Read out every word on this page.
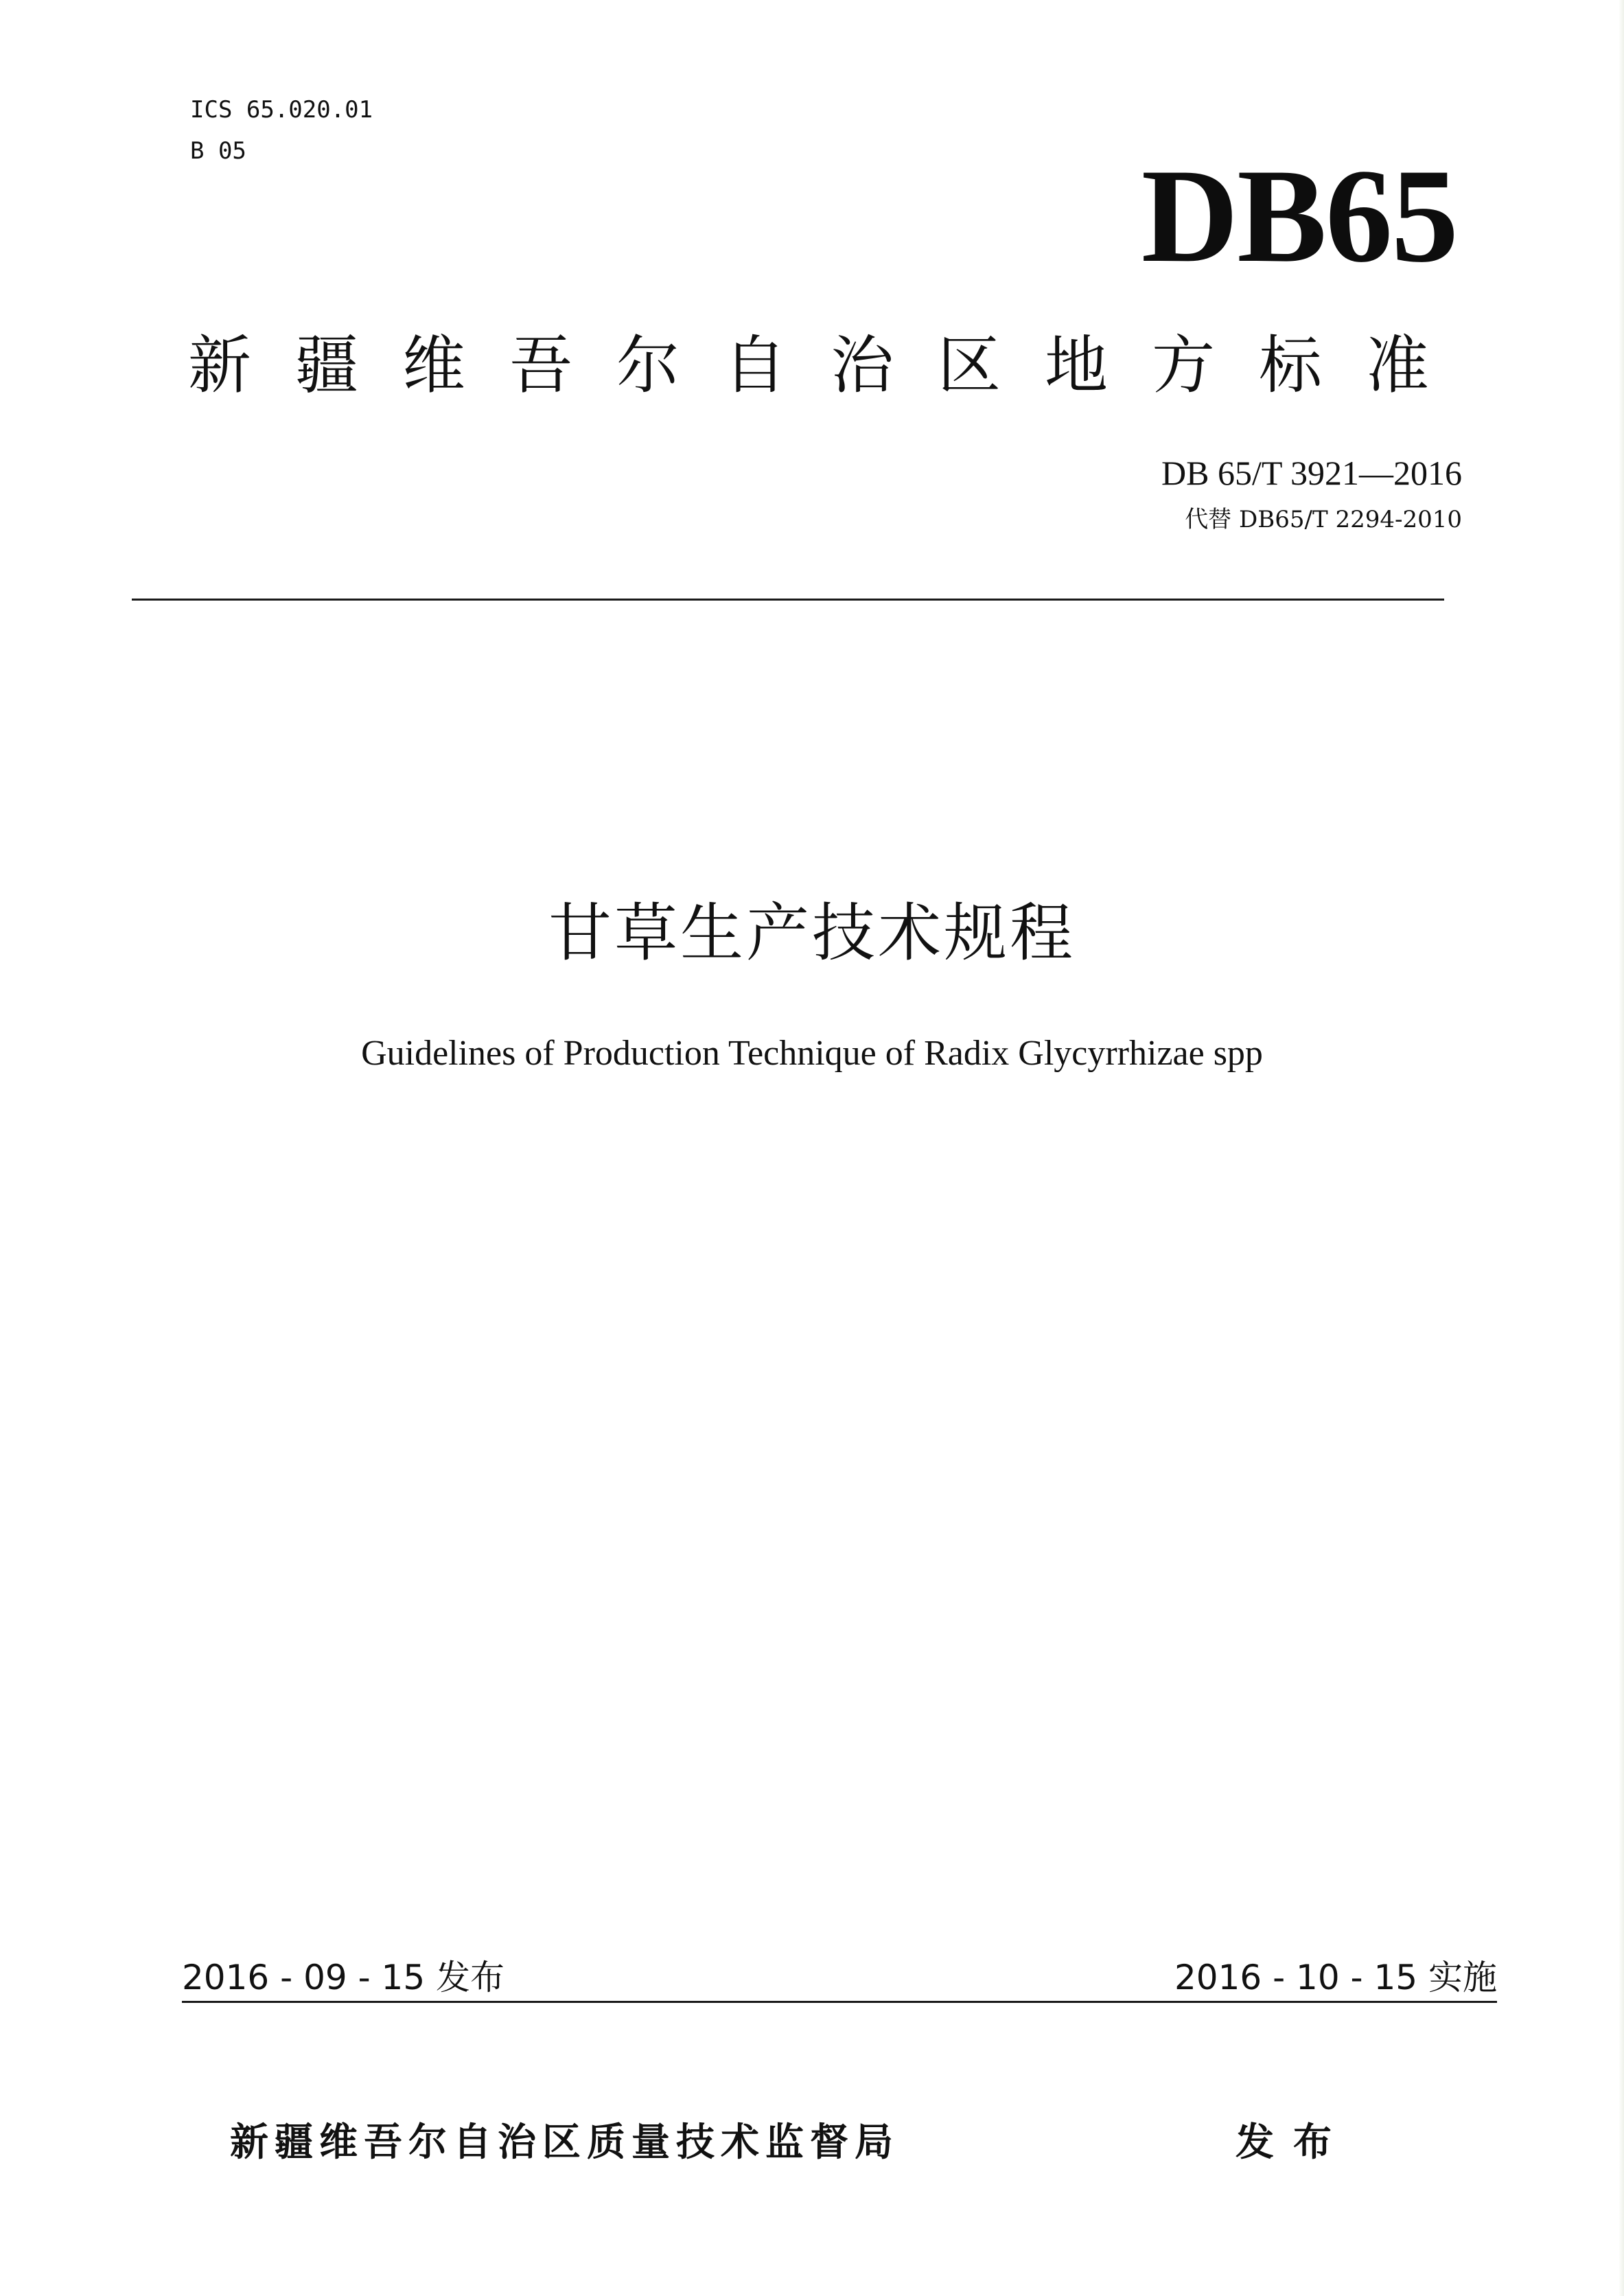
ICS 65.020.01
B 05	DB65
新疆维吾尔自治区地方标准
DB 65/T 3921—2016
代替 DB65/T 2294-2010
甘草生产技术规程
Guidelines of Production Technique of Radix Glycyrrhizae spp
2016 - 09 - 15 发布	2016 - 10 - 15 实施
新疆维吾尔自治区质量技术监督局	发布
